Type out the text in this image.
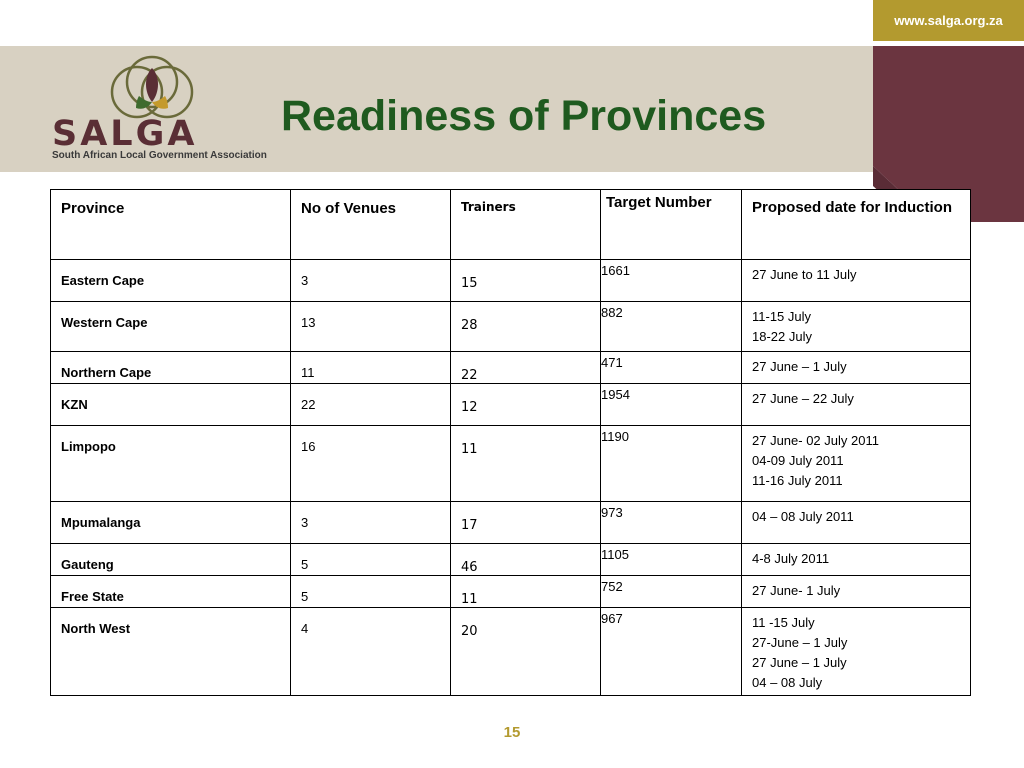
www.salga.org.za
SALGA
South African Local Government Association
Readiness of Provinces
Province	No of Venues	Trainers	Target Number	Proposed date for Induction
Eastern Cape	3	15	1661	27 June to 11 July

Western Cape	13	28	882	11-15 July
18-22 July

Northern Cape	11	22	471	27 June – 1 July

KZN	22	12	1954	27 June – 22 July

Limpopo	16	11	1190	27 June- 02 July 2011
04-09 July 2011
11-16 July 2011

Mpumalanga	3	17	973	04 – 08 July 2011

Gauteng	5	46	1105	4-8 July 2011

Free State	5	11	752	27 June- 1 July

North West	4	20	967	11 -15 July
27-June – 1 July
27 June – 1 July
04 – 08 July
15
